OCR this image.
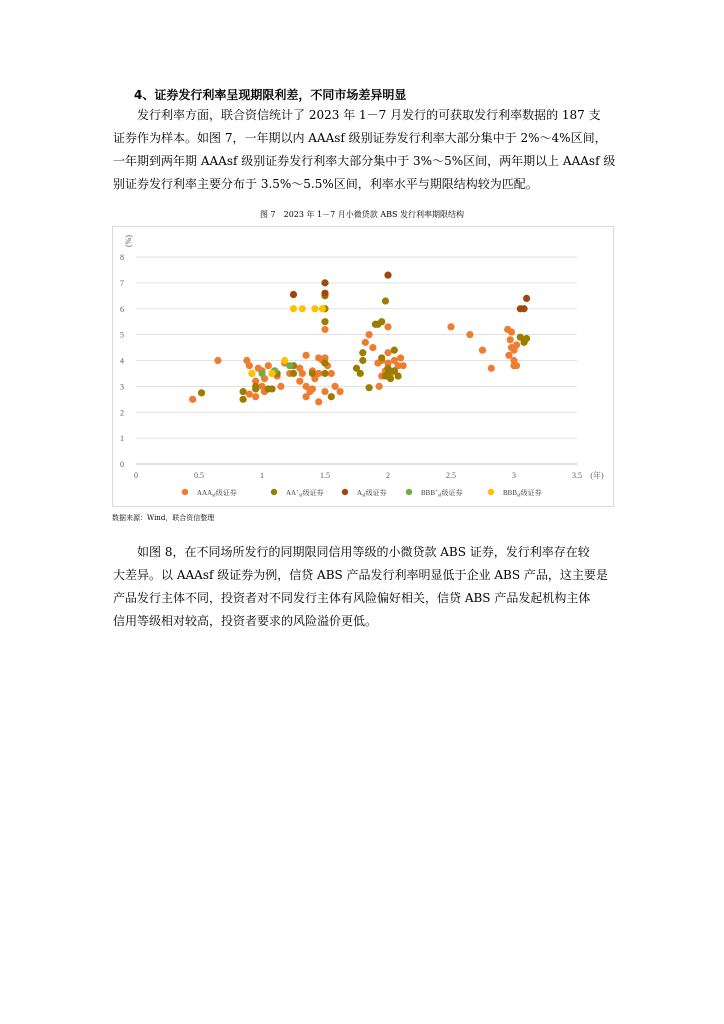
4、证券发行利率呈现期限利差，不同市场差异明显
　　发行利率方面，联合资信统计了 2023 年 1－7 月发行的可获取发行利率数据的 187 支
证券作为样本。如图 7，一年期以内 AAAsf 级别证券发行利率大部分集中于 2%～4%区间，
一年期到两年期 AAAsf 级别证券发行利率大部分集中于 3%～5%区间，两年期以上 AAAsf 级
别证券发行利率主要分布于 3.5%～5.5%区间，利率水平与期限结构较为匹配。
图 7　2023 年 1－7 月小微贷款 ABS 发行利率期限结构
0
1
2
3
4
5
6
7
8
0	0.5	1	1.5	2	2.5	3	3.5
(%)
(年)
$AAA_{sf}$级证券	$AA^+_{sf}$级证券	$A_{sf}$级证券	$BBB^+_{sf}$级证券	$BBB_{sf}$级证券
数据来源：Wind，联合资信整理
　　如图 8，在不同场所发行的同期限同信用等级的小微贷款 ABS 证券，发行利率存在较
大差异。以 AAAsf 级证券为例，信贷 ABS 产品发行利率明显低于企业 ABS 产品，这主要是
产品发行主体不同，投资者对不同发行主体有风险偏好相关，信贷 ABS 产品发起机构主体
信用等级相对较高，投资者要求的风险溢价更低。
